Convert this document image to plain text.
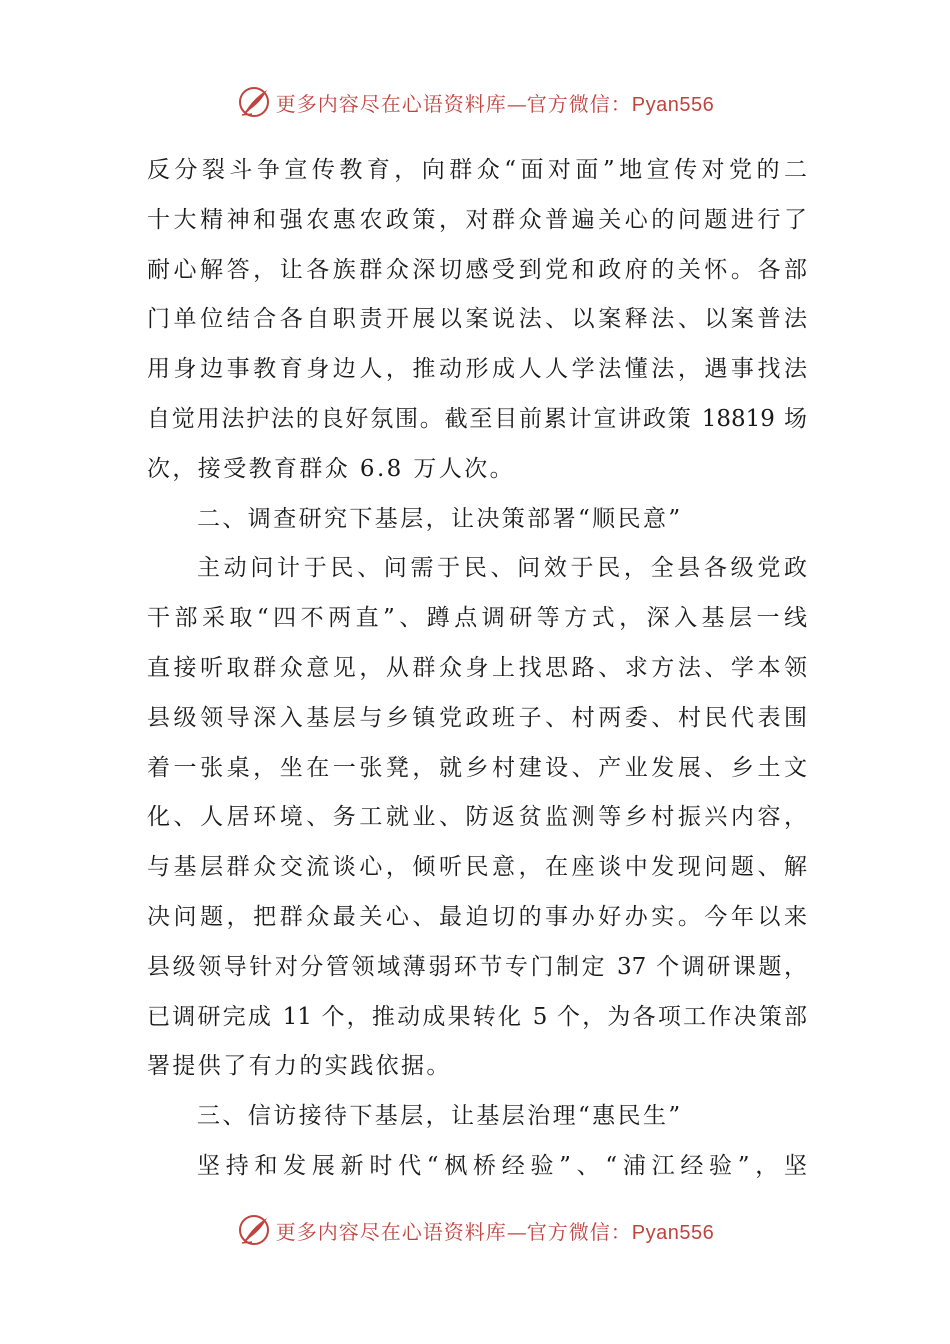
更多内容尽在心语资料库—官方微信：Pyan556
反分裂斗争宣传教育，向群众“面对面”地宣传对党的二
十大精神和强农惠农政策，对群众普遍关心的问题进行了
耐心解答，让各族群众深切感受到党和政府的关怀。各部
门单位结合各自职责开展以案说法、以案释法、以案普法
用身边事教育身边人，推动形成人人学法懂法，遇事找法
自觉用法护法的良好氛围。截至目前累计宣讲政策 18819 场
次，接受教育群众 6.8 万人次。
二、调查研究下基层，让决策部署“顺民意”
主动问计于民、问需于民、问效于民，全县各级党政
干部采取“四不两直”、蹲点调研等方式，深入基层一线
直接听取群众意见，从群众身上找思路、求方法、学本领
县级领导深入基层与乡镇党政班子、村两委、村民代表围
着一张桌，坐在一张凳，就乡村建设、产业发展、乡土文
化、人居环境、务工就业、防返贫监测等乡村振兴内容，
与基层群众交流谈心，倾听民意，在座谈中发现问题、解
决问题，把群众最关心、最迫切的事办好办实。今年以来
县级领导针对分管领域薄弱环节专门制定 37 个调研课题，
已调研完成 11 个，推动成果转化 5 个，为各项工作决策部
署提供了有力的实践依据。
三、信访接待下基层，让基层治理“惠民生”
坚持和发展新时代“枫桥经验”、“浦江经验”，坚
更多内容尽在心语资料库—官方微信：Pyan556
